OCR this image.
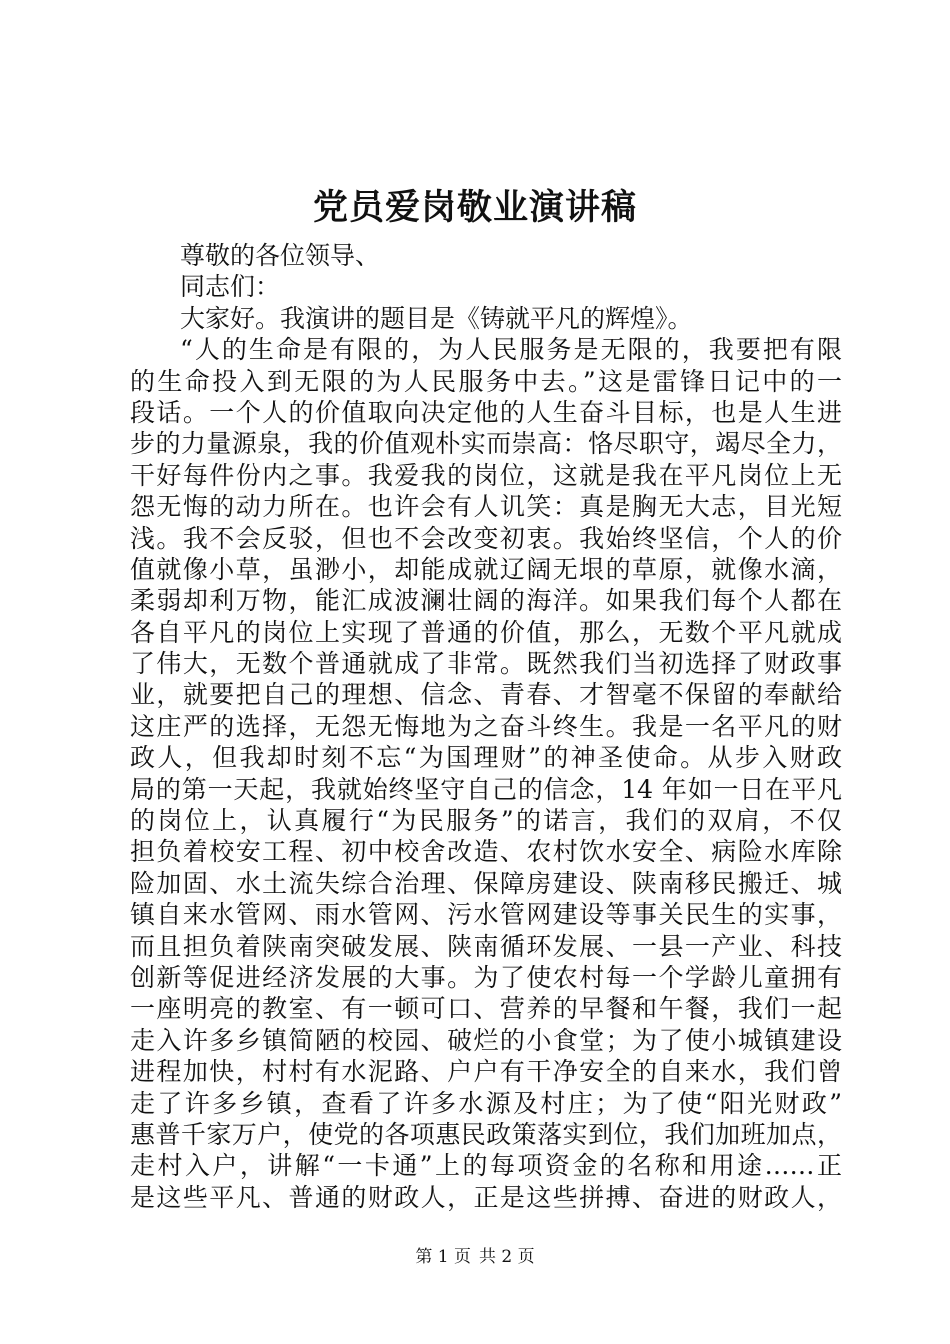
党员爱岗敬业演讲稿
尊敬的各位领导、
同志们：
大家好。我演讲的题目是《铸就平凡的辉煌》。
“人的生命是有限的，为人民服务是无限的，我要把有限
的生命投入到无限的为人民服务中去。”这是雷锋日记中的一
段话。一个人的价值取向决定他的人生奋斗目标，也是人生进
步的力量源泉，我的价值观朴实而崇高：恪尽职守，竭尽全力，
干好每件份内之事。我爱我的岗位，这就是我在平凡岗位上无
怨无悔的动力所在。也许会有人讥笑：真是胸无大志，目光短
浅。我不会反驳，但也不会改变初衷。我始终坚信，个人的价
值就像小草，虽渺小，却能成就辽阔无垠的草原，就像水滴，
柔弱却利万物，能汇成波澜壮阔的海洋。如果我们每个人都在
各自平凡的岗位上实现了普通的价值，那么，无数个平凡就成
了伟大，无数个普通就成了非常。既然我们当初选择了财政事
业，就要把自己的理想、信念、青春、才智毫不保留的奉献给
这庄严的选择，无怨无悔地为之奋斗终生。我是一名平凡的财
政人，但我却时刻不忘“为国理财”的神圣使命。从步入财政
局的第一天起，我就始终坚守自己的信念，14 年如一日在平凡
的岗位上，认真履行“为民服务”的诺言，我们的双肩，不仅
担负着校安工程、初中校舍改造、农村饮水安全、病险水库除
险加固、水土流失综合治理、保障房建设、陕南移民搬迁、城
镇自来水管网、雨水管网、污水管网建设等事关民生的实事，
而且担负着陕南突破发展、陕南循环发展、一县一产业、科技
创新等促进经济发展的大事。为了使农村每一个学龄儿童拥有
一座明亮的教室、有一顿可口、营养的早餐和午餐，我们一起
走入许多乡镇简陋的校园、破烂的小食堂；为了使小城镇建设
进程加快，村村有水泥路、户户有干净安全的自来水，我们曾
走了许多乡镇，查看了许多水源及村庄；为了使“阳光财政”
惠普千家万户，使党的各项惠民政策落实到位，我们加班加点，
走村入户，讲解“一卡通”上的每项资金的名称和用途……正
是这些平凡、普通的财政人，正是这些拼搏、奋进的财政人，
第 1 页 共 2 页
